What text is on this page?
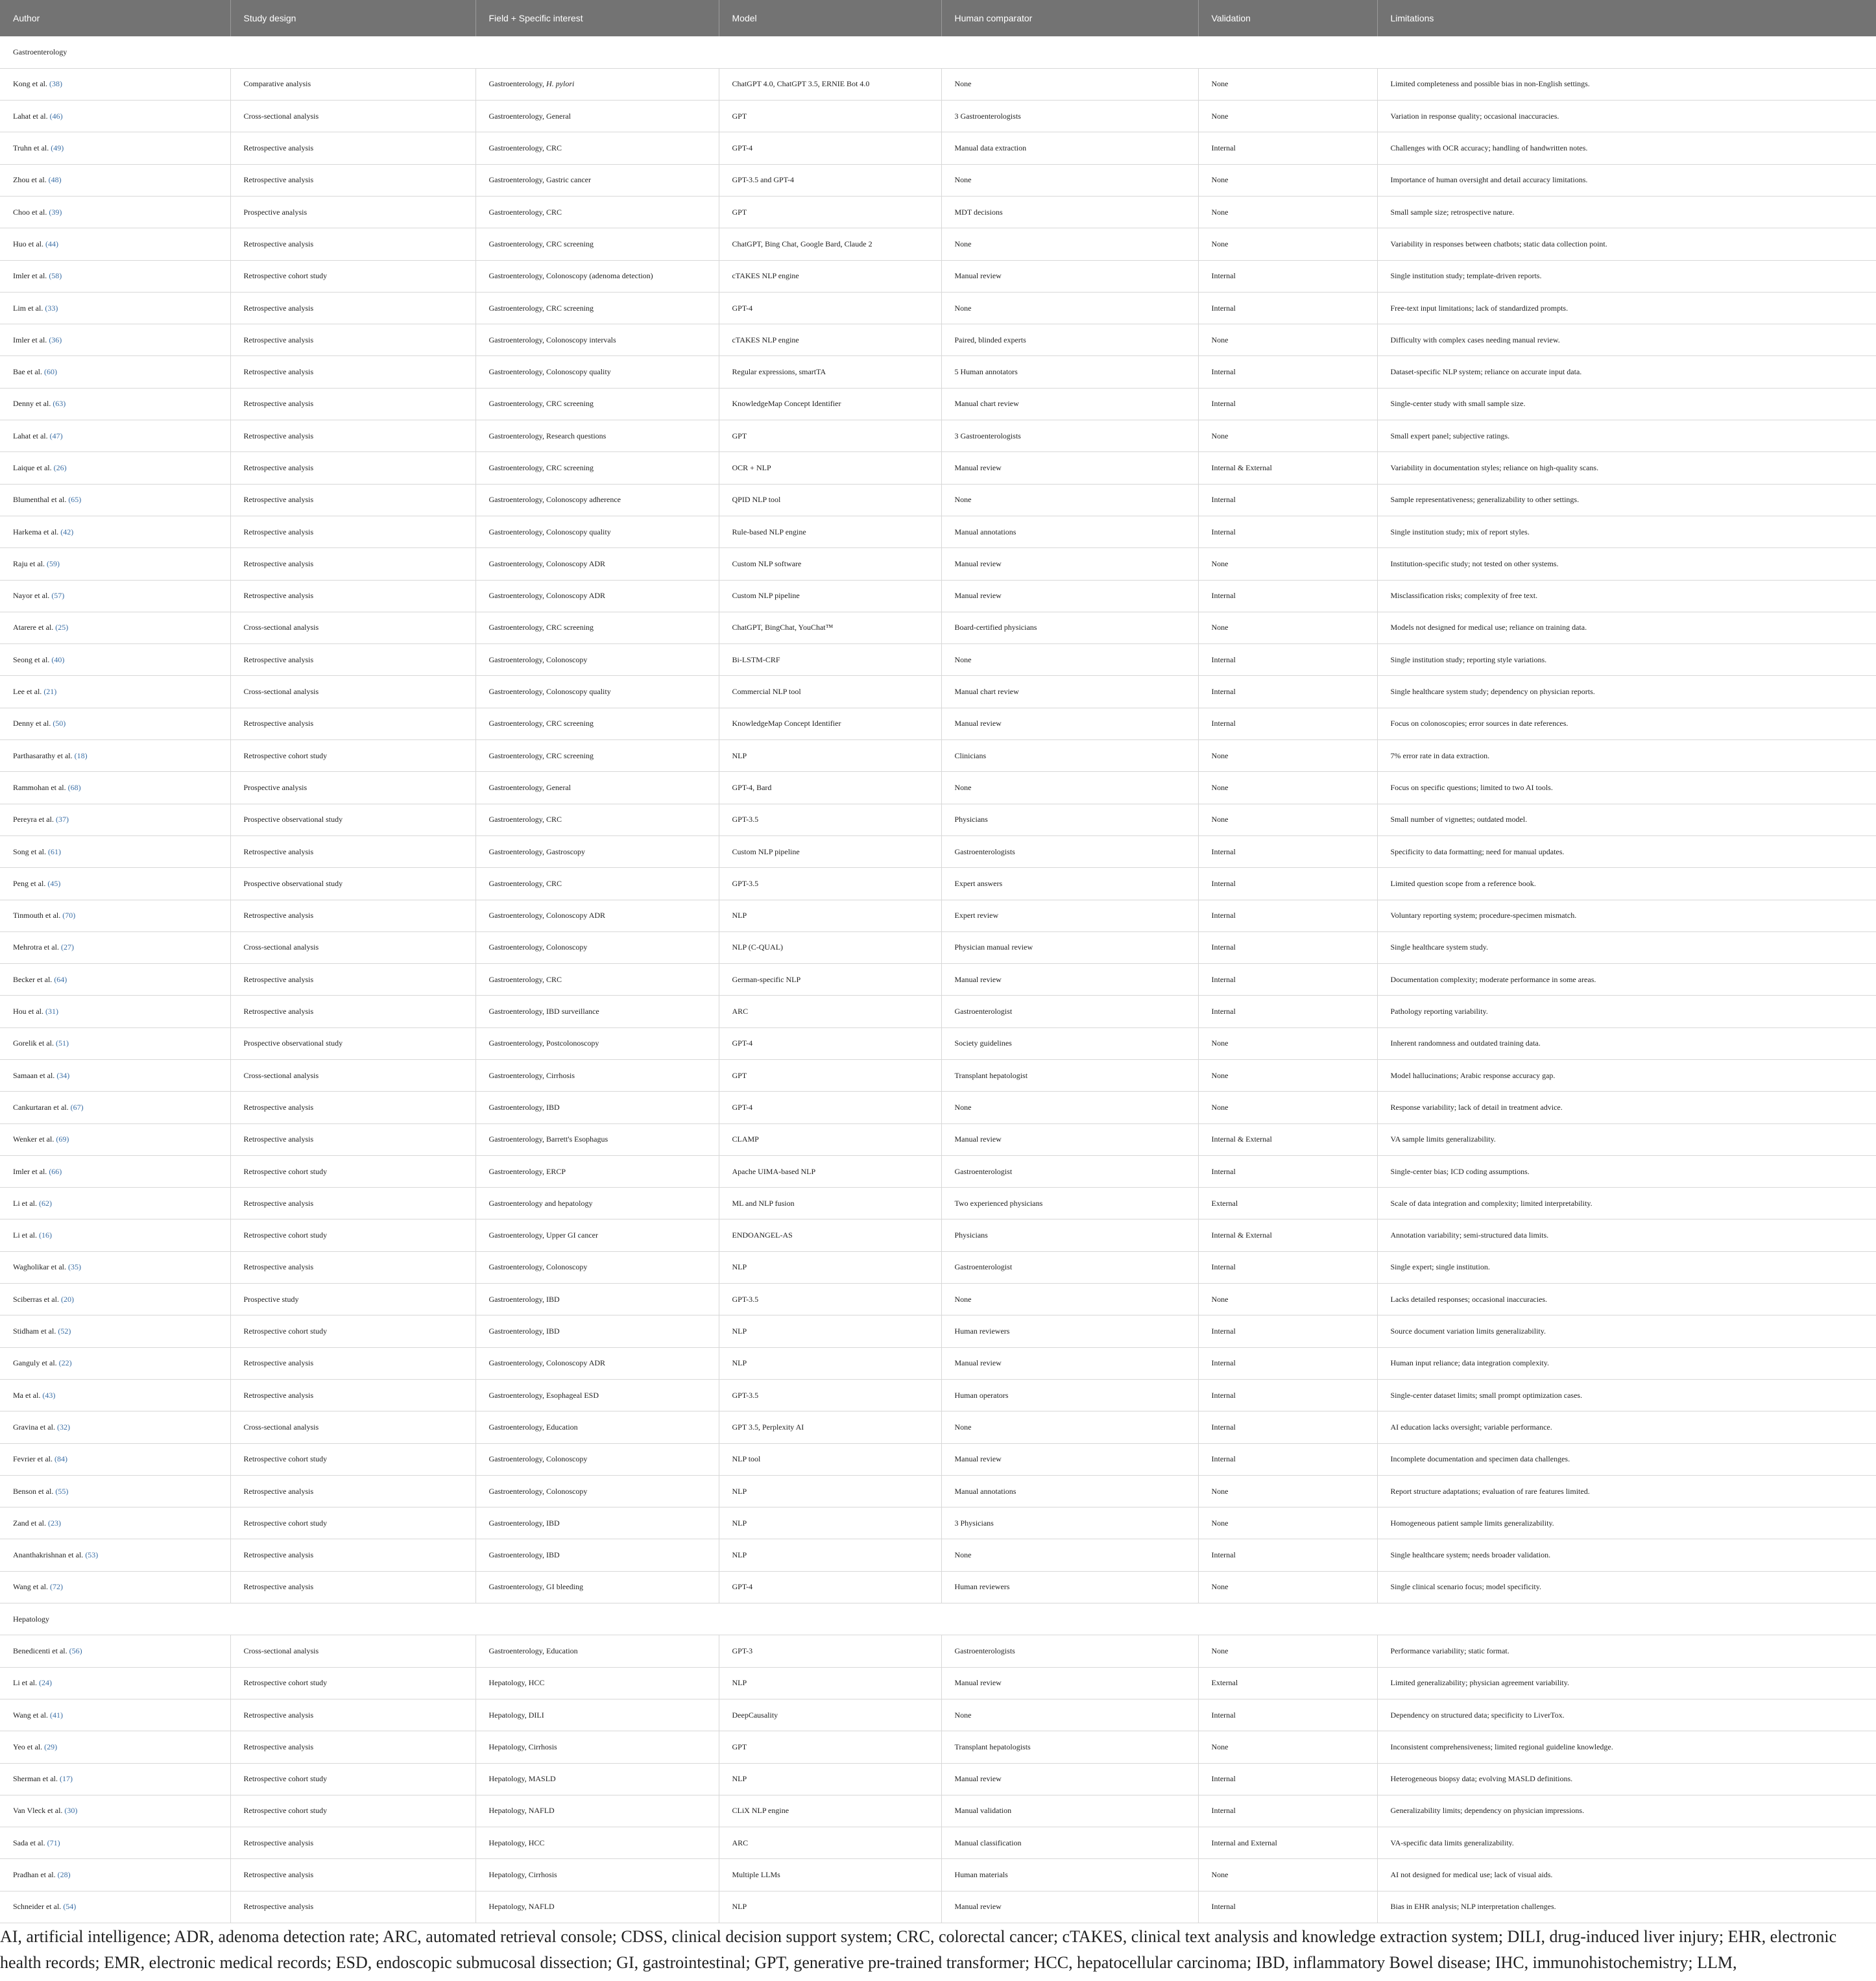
Author	Study design	Field + Specific interest	Model	Human comparator	Validation	Limitations
Gastroenterology						
Kong et al. (38)	Comparative analysis	Gastroenterology, H. pylori	ChatGPT 4.0, ChatGPT 3.5, ERNIE Bot 4.0	None	None	Limited completeness and possible bias in non-English settings.
Lahat et al. (46)	Cross-sectional analysis	Gastroenterology, General	GPT	3 Gastroenterologists	None	Variation in response quality; occasional inaccuracies.
Truhn et al. (49)	Retrospective analysis	Gastroenterology, CRC	GPT-4	Manual data extraction	Internal	Challenges with OCR accuracy; handling of handwritten notes.
Zhou et al. (48)	Retrospective analysis	Gastroenterology, Gastric cancer	GPT-3.5 and GPT-4	None	None	Importance of human oversight and detail accuracy limitations.
Choo et al. (39)	Prospective analysis	Gastroenterology, CRC	GPT	MDT decisions	None	Small sample size; retrospective nature.
Huo et al. (44)	Retrospective analysis	Gastroenterology, CRC screening	ChatGPT, Bing Chat, Google Bard, Claude 2	None	None	Variability in responses between chatbots; static data collection point.
Imler et al. (58)	Retrospective cohort study	Gastroenterology, Colonoscopy (adenoma detection)	cTAKES NLP engine	Manual review	Internal	Single institution study; template-driven reports.
Lim et al. (33)	Retrospective analysis	Gastroenterology, CRC screening	GPT-4	None	Internal	Free-text input limitations; lack of standardized prompts.
Imler et al. (36)	Retrospective analysis	Gastroenterology, Colonoscopy intervals	cTAKES NLP engine	Paired, blinded experts	None	Difficulty with complex cases needing manual review.
Bae et al. (60)	Retrospective analysis	Gastroenterology, Colonoscopy quality	Regular expressions, smartTA	5 Human annotators	Internal	Dataset-specific NLP system; reliance on accurate input data.
Denny et al. (63)	Retrospective analysis	Gastroenterology, CRC screening	KnowledgeMap Concept Identifier	Manual chart review	Internal	Single-center study with small sample size.
Lahat et al. (47)	Retrospective analysis	Gastroenterology, Research questions	GPT	3 Gastroenterologists	None	Small expert panel; subjective ratings.
Laique et al. (26)	Retrospective analysis	Gastroenterology, CRC screening	OCR + NLP	Manual review	Internal & External	Variability in documentation styles; reliance on high-quality scans.
Blumenthal et al. (65)	Retrospective analysis	Gastroenterology, Colonoscopy adherence	QPID NLP tool	None	Internal	Sample representativeness; generalizability to other settings.
Harkema et al. (42)	Retrospective analysis	Gastroenterology, Colonoscopy quality	Rule-based NLP engine	Manual annotations	Internal	Single institution study; mix of report styles.
Raju et al. (59)	Retrospective analysis	Gastroenterology, Colonoscopy ADR	Custom NLP software	Manual review	None	Institution-specific study; not tested on other systems.
Nayor et al. (57)	Retrospective analysis	Gastroenterology, Colonoscopy ADR	Custom NLP pipeline	Manual review	Internal	Misclassification risks; complexity of free text.
Atarere et al. (25)	Cross-sectional analysis	Gastroenterology, CRC screening	ChatGPT, BingChat, YouChat™	Board-certified physicians	None	Models not designed for medical use; reliance on training data.
Seong et al. (40)	Retrospective analysis	Gastroenterology, Colonoscopy	Bi-LSTM-CRF	None	Internal	Single institution study; reporting style variations.
Lee et al. (21)	Cross-sectional analysis	Gastroenterology, Colonoscopy quality	Commercial NLP tool	Manual chart review	Internal	Single healthcare system study; dependency on physician reports.
Denny et al. (50)	Retrospective analysis	Gastroenterology, CRC screening	KnowledgeMap Concept Identifier	Manual review	Internal	Focus on colonoscopies; error sources in date references.
Parthasarathy et al. (18)	Retrospective cohort study	Gastroenterology, CRC screening	NLP	Clinicians	None	7% error rate in data extraction.
Rammohan et al. (68)	Prospective analysis	Gastroenterology, General	GPT-4, Bard	None	None	Focus on specific questions; limited to two AI tools.
Pereyra et al. (37)	Prospective observational study	Gastroenterology, CRC	GPT-3.5	Physicians	None	Small number of vignettes; outdated model.
Song et al. (61)	Retrospective analysis	Gastroenterology, Gastroscopy	Custom NLP pipeline	Gastroenterologists	Internal	Specificity to data formatting; need for manual updates.
Peng et al. (45)	Prospective observational study	Gastroenterology, CRC	GPT-3.5	Expert answers	Internal	Limited question scope from a reference book.
Tinmouth et al. (70)	Retrospective analysis	Gastroenterology, Colonoscopy ADR	NLP	Expert review	Internal	Voluntary reporting system; procedure-specimen mismatch.
Mehrotra et al. (27)	Cross-sectional analysis	Gastroenterology, Colonoscopy	NLP (C-QUAL)	Physician manual review	Internal	Single healthcare system study.
Becker et al. (64)	Retrospective analysis	Gastroenterology, CRC	German-specific NLP	Manual review	Internal	Documentation complexity; moderate performance in some areas.
Hou et al. (31)	Retrospective analysis	Gastroenterology, IBD surveillance	ARC	Gastroenterologist	Internal	Pathology reporting variability.
Gorelik et al. (51)	Prospective observational study	Gastroenterology, Postcolonoscopy	GPT-4	Society guidelines	None	Inherent randomness and outdated training data.
Samaan et al. (34)	Cross-sectional analysis	Gastroenterology, Cirrhosis	GPT	Transplant hepatologist	None	Model hallucinations; Arabic response accuracy gap.
Cankurtaran et al. (67)	Retrospective analysis	Gastroenterology, IBD	GPT-4	None	None	Response variability; lack of detail in treatment advice.
Wenker et al. (69)	Retrospective analysis	Gastroenterology, Barrett's Esophagus	CLAMP	Manual review	Internal & External	VA sample limits generalizability.
Imler et al. (66)	Retrospective cohort study	Gastroenterology, ERCP	Apache UIMA-based NLP	Gastroenterologist	Internal	Single-center bias; ICD coding assumptions.
Li et al. (62)	Retrospective analysis	Gastroenterology and hepatology	ML and NLP fusion	Two experienced physicians	External	Scale of data integration and complexity; limited interpretability.
Li et al. (16)	Retrospective cohort study	Gastroenterology, Upper GI cancer	ENDOANGEL-AS	Physicians	Internal & External	Annotation variability; semi-structured data limits.
Wagholikar et al. (35)	Retrospective analysis	Gastroenterology, Colonoscopy	NLP	Gastroenterologist	Internal	Single expert; single institution.
Sciberras et al. (20)	Prospective study	Gastroenterology, IBD	GPT-3.5	None	None	Lacks detailed responses; occasional inaccuracies.
Stidham et al. (52)	Retrospective cohort study	Gastroenterology, IBD	NLP	Human reviewers	Internal	Source document variation limits generalizability.
Ganguly et al. (22)	Retrospective analysis	Gastroenterology, Colonoscopy ADR	NLP	Manual review	Internal	Human input reliance; data integration complexity.
Ma et al. (43)	Retrospective analysis	Gastroenterology, Esophageal ESD	GPT-3.5	Human operators	Internal	Single-center dataset limits; small prompt optimization cases.
Gravina et al. (32)	Cross-sectional analysis	Gastroenterology, Education	GPT 3.5, Perplexity AI	None	Internal	AI education lacks oversight; variable performance.
Fevrier et al. (84)	Retrospective cohort study	Gastroenterology, Colonoscopy	NLP tool	Manual review	Internal	Incomplete documentation and specimen data challenges.
Benson et al. (55)	Retrospective analysis	Gastroenterology, Colonoscopy	NLP	Manual annotations	None	Report structure adaptations; evaluation of rare features limited.
Zand et al. (23)	Retrospective cohort study	Gastroenterology, IBD	NLP	3 Physicians	None	Homogeneous patient sample limits generalizability.
Ananthakrishnan et al. (53)	Retrospective analysis	Gastroenterology, IBD	NLP	None	Internal	Single healthcare system; needs broader validation.
Wang et al. (72)	Retrospective analysis	Gastroenterology, GI bleeding	GPT-4	Human reviewers	None	Single clinical scenario focus; model specificity.
Hepatology						
Benedicenti et al. (56)	Cross-sectional analysis	Gastroenterology, Education	GPT-3	Gastroenterologists	None	Performance variability; static format.
Li et al. (24)	Retrospective cohort study	Hepatology, HCC	NLP	Manual review	External	Limited generalizability; physician agreement variability.
Wang et al. (41)	Retrospective analysis	Hepatology, DILI	DeepCausality	None	Internal	Dependency on structured data; specificity to LiverTox.
Yeo et al. (29)	Retrospective analysis	Hepatology, Cirrhosis	GPT	Transplant hepatologists	None	Inconsistent comprehensiveness; limited regional guideline knowledge.
Sherman et al. (17)	Retrospective cohort study	Hepatology, MASLD	NLP	Manual review	Internal	Heterogeneous biopsy data; evolving MASLD definitions.
Van Vleck et al. (30)	Retrospective cohort study	Hepatology, NAFLD	CLiX NLP engine	Manual validation	Internal	Generalizability limits; dependency on physician impressions.
Sada et al. (71)	Retrospective analysis	Hepatology, HCC	ARC	Manual classification	Internal and External	VA-specific data limits generalizability.
Pradhan et al. (28)	Retrospective analysis	Hepatology, Cirrhosis	Multiple LLMs	Human materials	None	AI not designed for medical use; lack of visual aids.
Schneider et al. (54)	Retrospective analysis	Hepatology, NAFLD	NLP	Manual review	Internal	Bias in EHR analysis; NLP interpretation challenges.
AI, artificial intelligence; ADR, adenoma detection rate; ARC, automated retrieval console; CDSS, clinical decision support system; CRC, colorectal cancer; cTAKES, clinical text analysis and knowledge extraction system; DILI, drug-induced liver injury; EHR, electronic health records; EMR, electronic medical records; ESD, endoscopic submucosal dissection; GI, gastrointestinal; GPT, generative pre-trained transformer; HCC, hepatocellular carcinoma; IBD, inflammatory Bowel disease; IHC, immunohistochemistry; LLM,
